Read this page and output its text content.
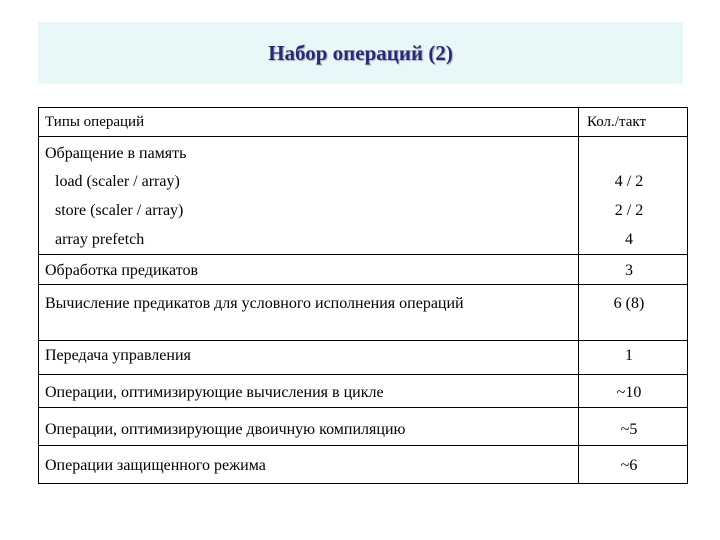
Набор операций (2)
Типы операций	Кол./такт
Обращение в память
load (scaler / array)	4 / 2
store (scaler / array)	2 / 2
array prefetch	4
Обработка предикатов	3
Вычисление предикатов для условного исполнения операций	6 (8)
Передача управления	1
Операции, оптимизирующие вычисления в цикле	~10
Операции, оптимизирующие двоичную компиляцию	~5
Операции защищенного режима	~6
